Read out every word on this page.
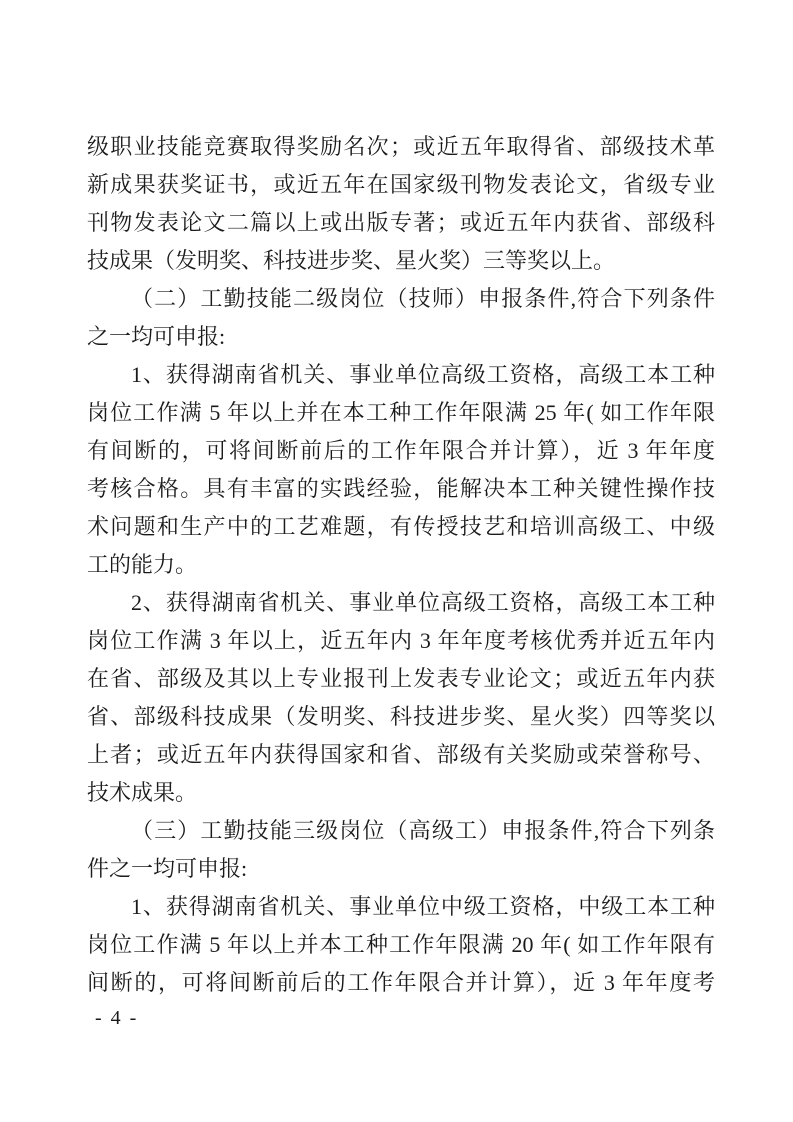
级职业技能竞赛取得奖励名次；或近五年取得省、部级技术革
新成果获奖证书，或近五年在国家级刊物发表论文，省级专业
刊物发表论文二篇以上或出版专著；或近五年内获省、部级科
技成果（发明奖、科技进步奖、星火奖）三等奖以上。
（二）工勤技能二级岗位（技师）申报条件,符合下列条件
之一均可申报:
1、获得湖南省机关、事业单位高级工资格，高级工本工种
岗位工作满 5 年以上并在本工种工作年限满 25 年( 如工作年限
有间断的，可将间断前后的工作年限合并计算），近 3 年年度
考核合格。具有丰富的实践经验，能解决本工种关键性操作技
术问题和生产中的工艺难题，有传授技艺和培训高级工、中级
工的能力。
2、获得湖南省机关、事业单位高级工资格，高级工本工种
岗位工作满 3 年以上，近五年内 3 年年度考核优秀并近五年内
在省、部级及其以上专业报刊上发表专业论文；或近五年内获
省、部级科技成果（发明奖、科技进步奖、星火奖）四等奖以
上者；或近五年内获得国家和省、部级有关奖励或荣誉称号、
技术成果。
（三）工勤技能三级岗位（高级工）申报条件,符合下列条
件之一均可申报:
1、获得湖南省机关、事业单位中级工资格，中级工本工种
岗位工作满 5 年以上并本工种工作年限满 20 年( 如工作年限有
间断的，可将间断前后的工作年限合并计算），近 3 年年度考
- 4 -
